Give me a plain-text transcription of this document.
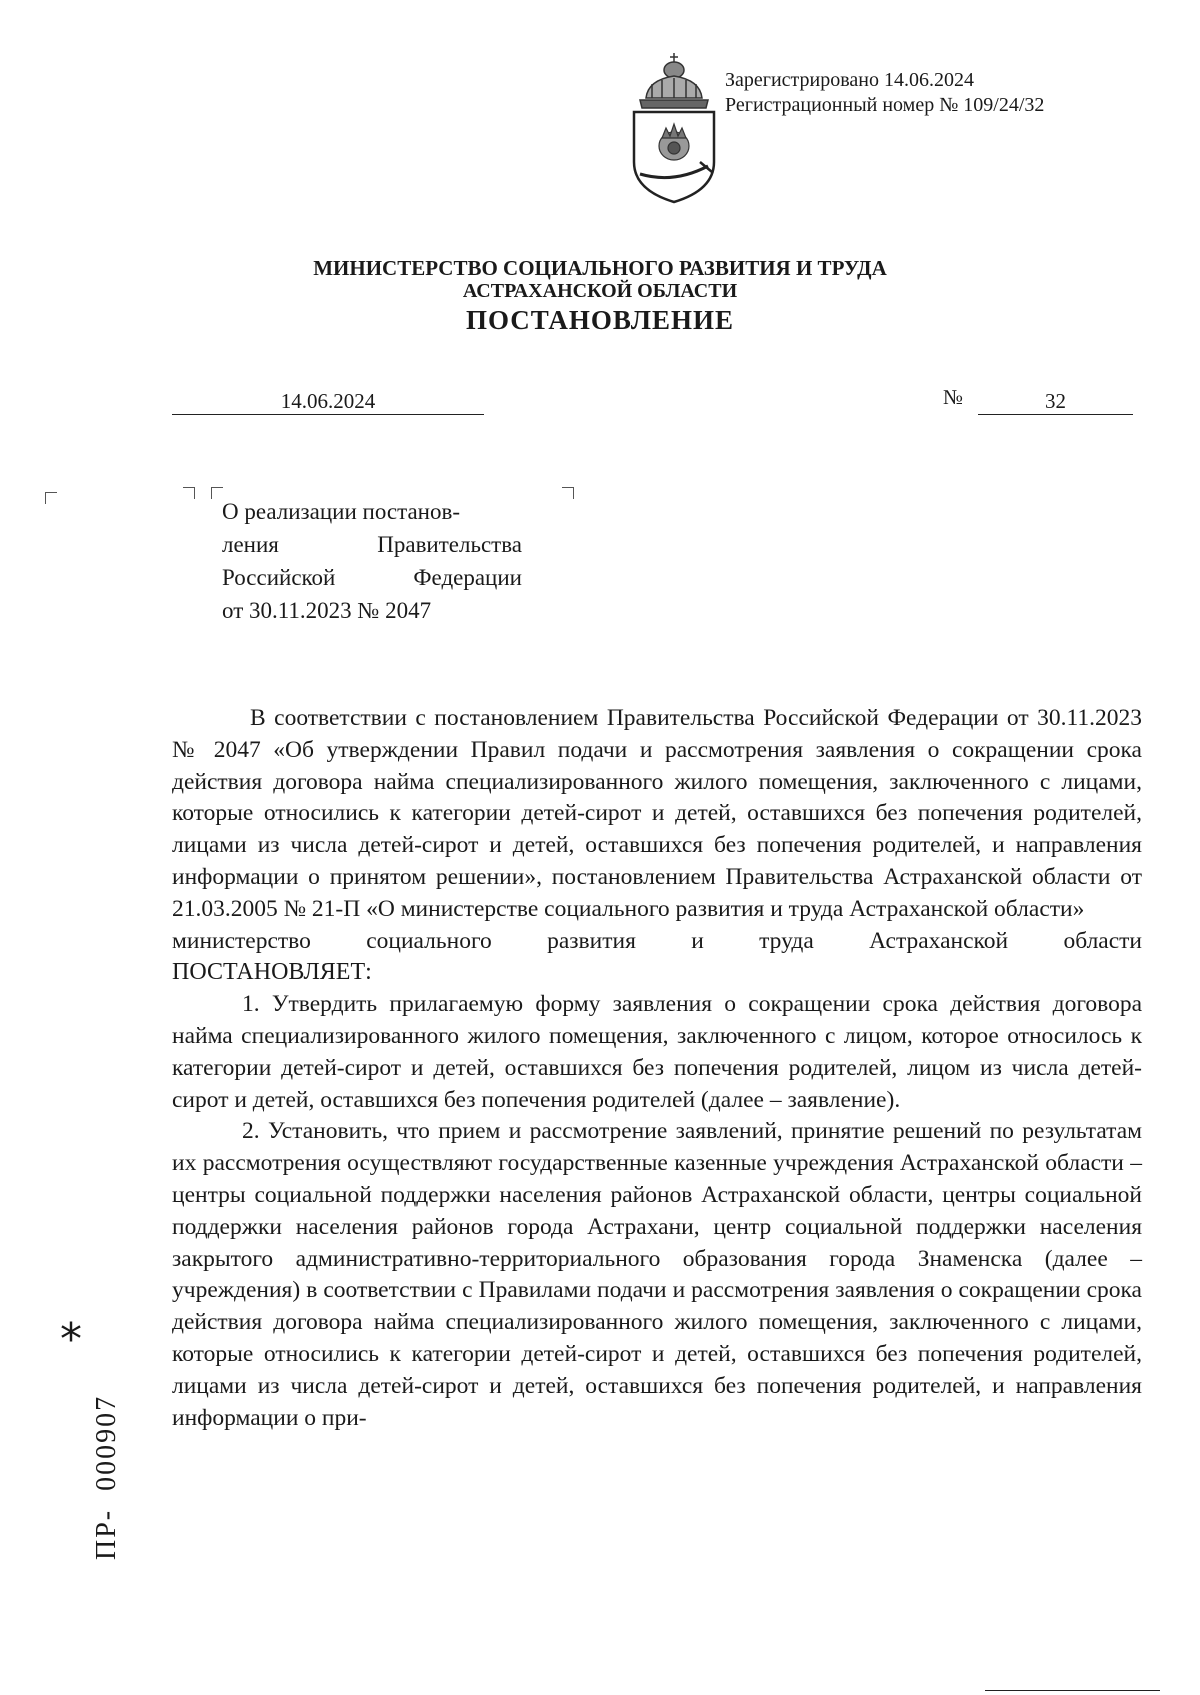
Зарегистрировано 14.06.2024
Регистрационный номер № 109/24/32
МИНИСТЕРСТВО СОЦИАЛЬНОГО РАЗВИТИЯ И ТРУДА
АСТРАХАНСКОЙ ОБЛАСТИ
ПОСТАНОВЛЕНИЕ
14.06.2024	№	32
О реализации постанов-
ления Правительства
Российской Федерации
от 30.11.2023 № 2047

В соответствии с постановлением Правительства Российской Федерации от 30.11.2023 № 2047 «Об утверждении Правил подачи и рассмотрения заявления о сокращении срока действия договора найма специализированного жилого помещения, заключенного с лицами, которые относились к категории детей-сирот и детей, оставшихся без попечения родителей, лицами из числа детей-сирот и детей, оставшихся без попечения родителей, и направления информации о принятом решении», постановлением Правительства Астраханской области от 21.03.2005 № 21-П «О министерстве социального развития и труда Астраханской области»

министерство социального развития и труда Астраханской области

ПОСТАНОВЛЯЕТ:

1. Утвердить прилагаемую форму заявления о сокращении срока действия договора найма специализированного жилого помещения, заключенного с лицом, которое относилось к категории детей-сирот и детей, оставшихся без попечения родителей, лицом из числа детей-сирот и детей, оставшихся без попечения родителей (далее – заявление).

2. Установить, что прием и рассмотрение заявлений, принятие решений по результатам их рассмотрения осуществляют государственные казенные учреждения Астраханской области – центры социальной поддержки населения районов Астраханской области, центры социальной поддержки населения районов города Астрахани, центр социальной поддержки населения закрытого административно-территориального образования города Знаменска (далее – учреждения) в соответствии с Правилами подачи и рассмотрения заявления о сокращении срока действия договора найма специализированного жилого помещения, заключенного с лицами, которые относились к категории детей-сирот и детей, оставшихся без попечения родителей, лицами из числа детей-сирот и детей, оставшихся без попечения родителей, и направления информации о при-

*
ПР-  000907
